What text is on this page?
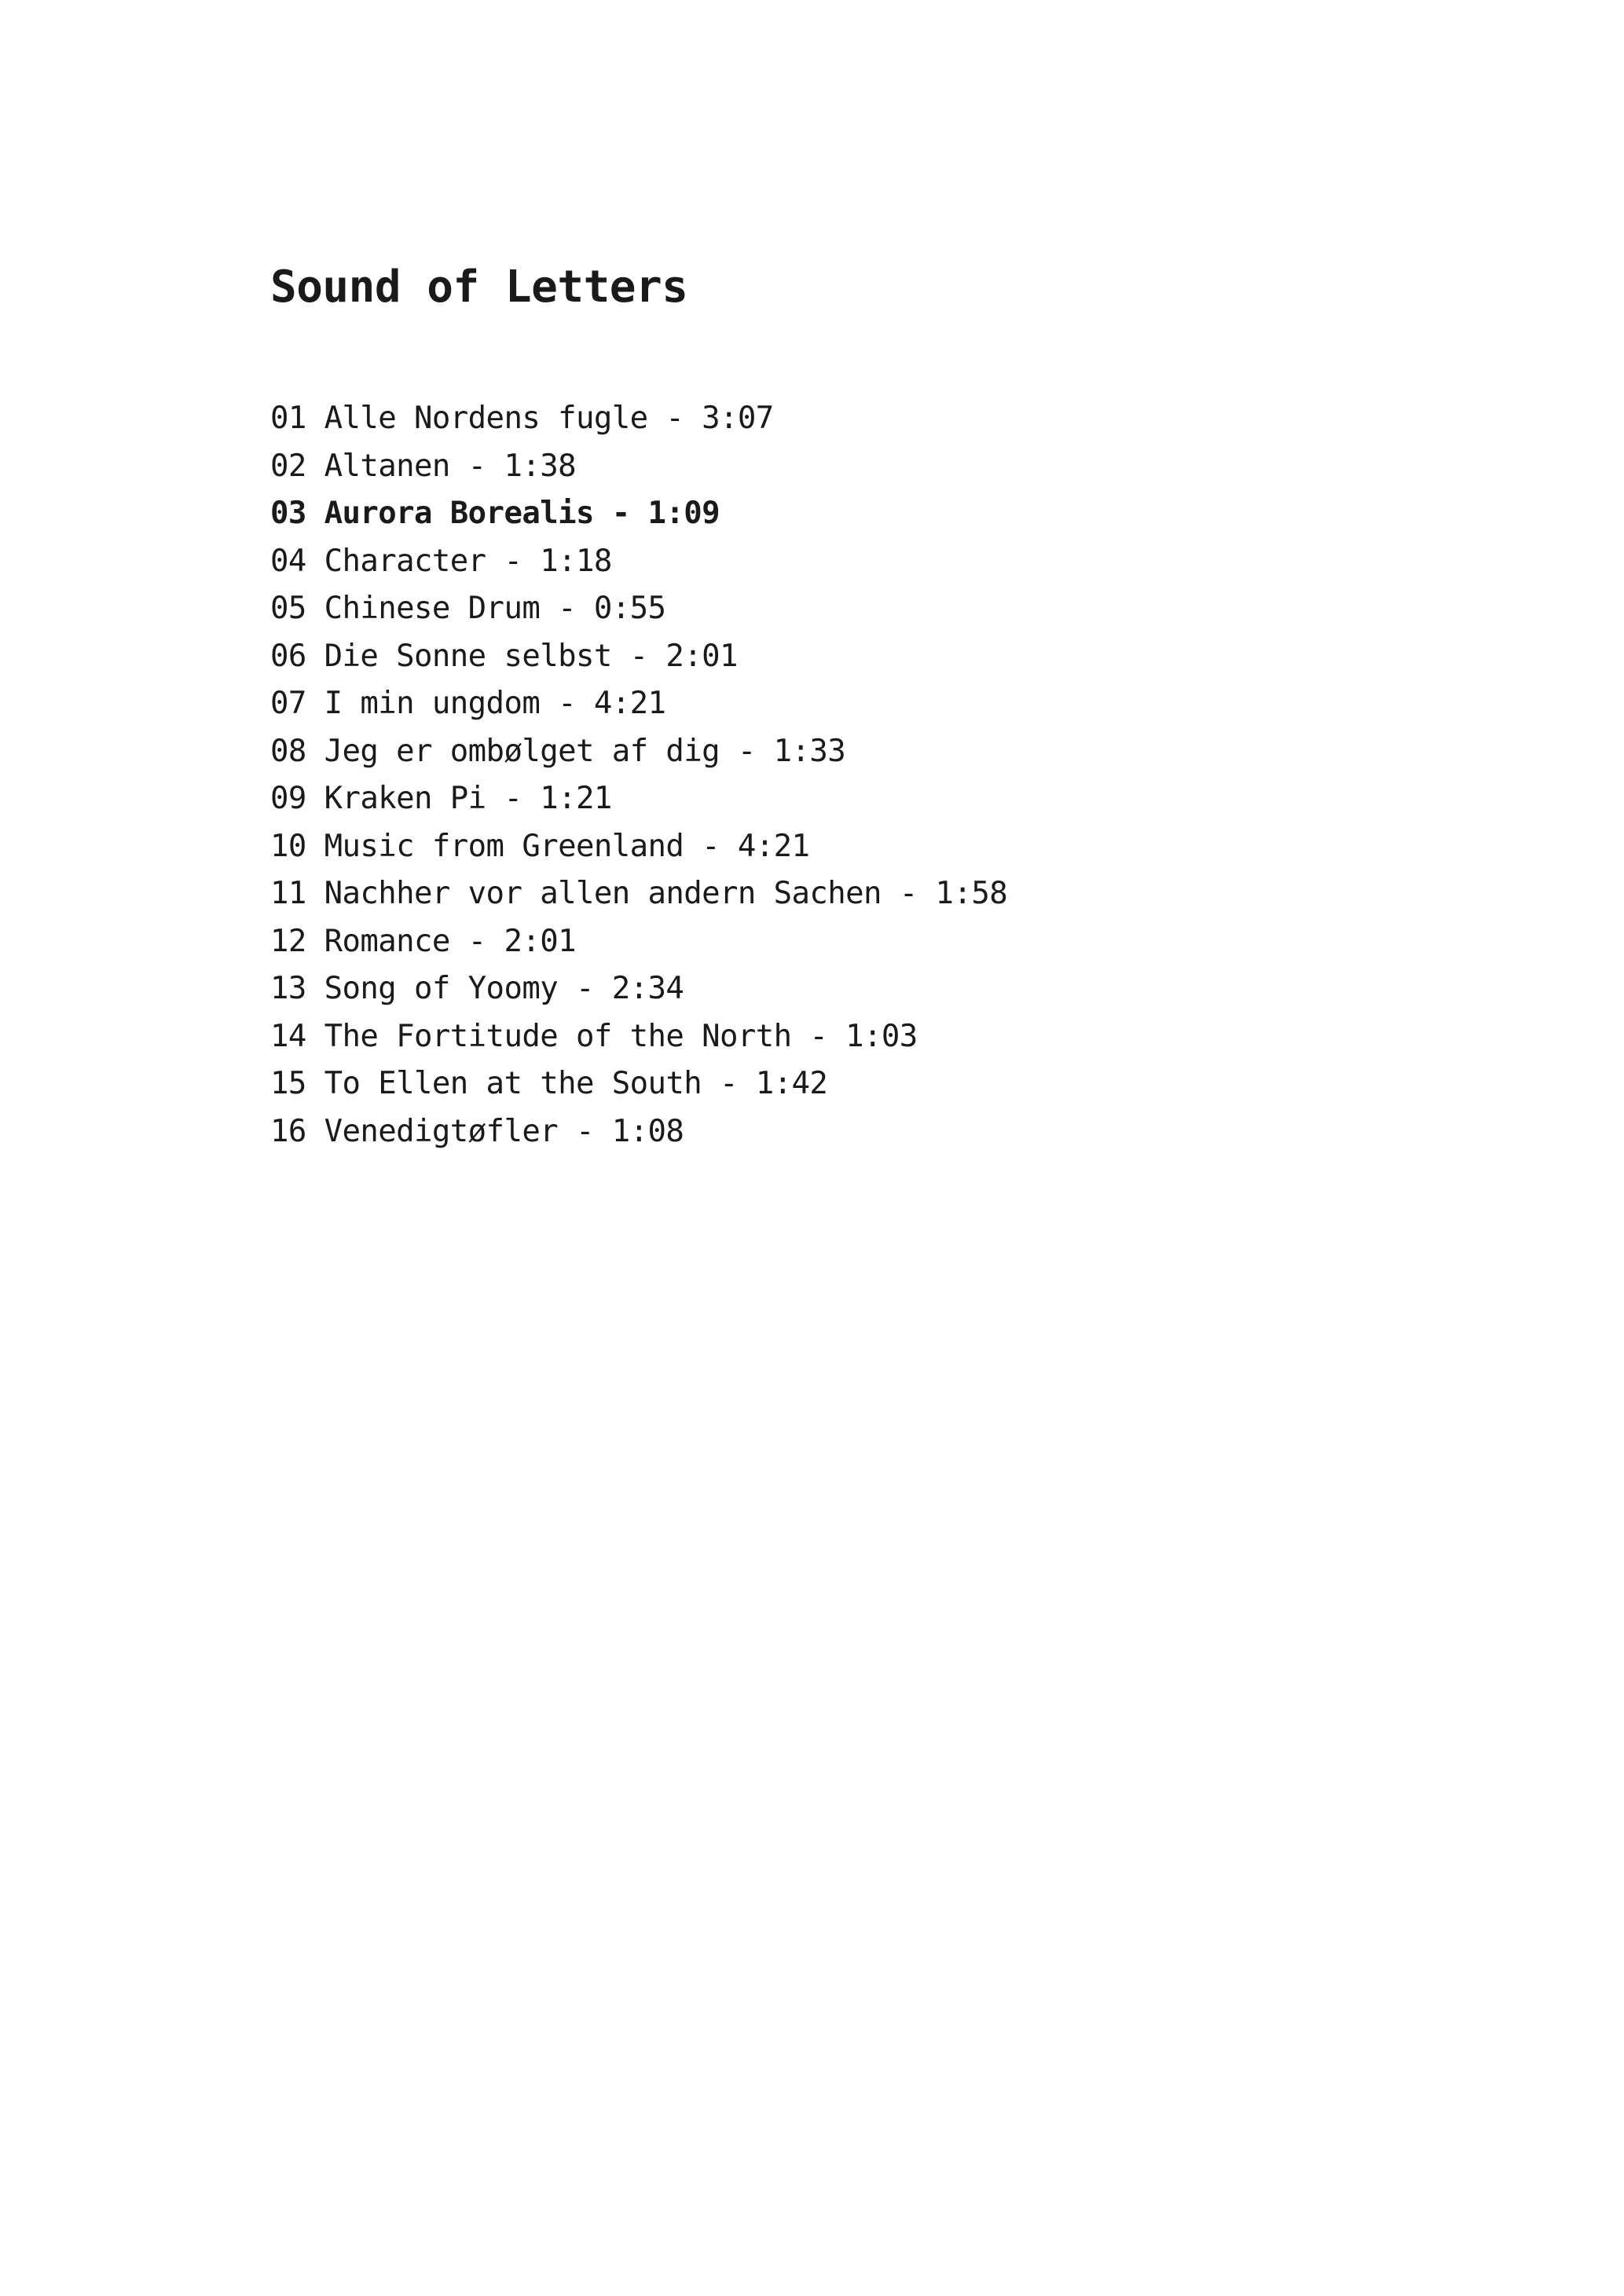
Sound of Letters
01 Alle Nordens fugle - 3:07
02 Altanen - 1:38
03 Aurora Borealis - 1:09
04 Character - 1:18
05 Chinese Drum - 0:55
06 Die Sonne selbst - 2:01
07 I min ungdom - 4:21
08 Jeg er ombølget af dig - 1:33
09 Kraken Pi - 1:21
10 Music from Greenland - 4:21
11 Nachher vor allen andern Sachen - 1:58
12 Romance - 2:01
13 Song of Yoomy - 2:34
14 The Fortitude of the North - 1:03
15 To Ellen at the South - 1:42
16 Venedigtøfler - 1:08
